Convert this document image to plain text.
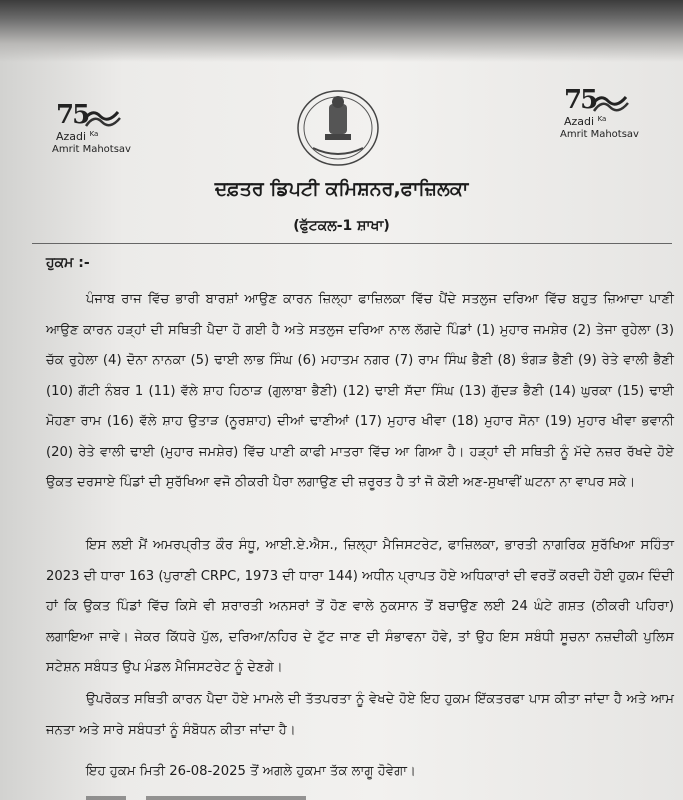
75
Azadi $^{Ka}$
Amrit Mahotsav
75
Azadi $^{Ka}$
Amrit Mahotsav
ਦਫ਼ਤਰ ਡਿਪਟੀ ਕਮਿਸ਼ਨਰ,ਫਾਜ਼ਿਲਕਾ
(ਫੁੱਟਕਲ-1 ਸ਼ਾਖਾ)
ਹੁਕਮ :-
ਪੰਜਾਬ ਰਾਜ ਵਿੱਚ ਭਾਰੀ ਬਾਰਸ਼ਾਂ ਆਉਣ ਕਾਰਨ ਜ਼ਿਲ੍ਹਾ ਫਾਜ਼ਿਲਕਾ ਵਿੱਚ ਪੈਂਦੇ ਸਤਲੁਜ ਦਰਿਆ ਵਿੱਚ ਬਹੁਤ ਜ਼ਿਆਦਾ ਪਾਣੀ ਆਉਣ ਕਾਰਨ ਹੜ੍ਹਾਂ ਦੀ ਸਥਿਤੀ ਪੈਦਾ ਹੋ ਗਈ ਹੈ ਅਤੇ ਸਤਲੁਜ ਦਰਿਆ ਨਾਲ ਲੱਗਦੇ ਪਿੰਡਾਂ (1) ਮੁਹਾਰ ਜਮਸ਼ੇਰ (2) ਤੇਜਾ ਰੁਹੇਲਾ (3) ਚੱਕ ਰੁਹੇਲਾ (4) ਦੋਨਾ ਨਾਨਕਾ (5) ਢਾਈ ਲਾਭ ਸਿੰਘ (6) ਮਹਾਤਮ ਨਗਰ (7) ਰਾਮ ਸਿੰਘ ਭੈਣੀ (8) ਝੰਗੜ ਭੈਣੀ (9) ਰੇਤੇ ਵਾਲੀ ਭੈਣੀ (10) ਗੱਟੀ ਨੰਬਰ 1 (11) ਵੱਲੇ ਸ਼ਾਹ ਹਿਠਾੜ (ਗੁਲਾਬਾ ਭੈਣੀ) (12) ਢਾਈ ਸੱਦਾ ਸਿੰਘ (13) ਗੁੱਦੜ ਭੈਣੀ (14) ਘੁਰਕਾ (15) ਢਾਈ ਮੋਹਣਾ ਰਾਮ (16) ਵੱਲੇ ਸ਼ਾਹ ਉਤਾੜ (ਨੂਰਸ਼ਾਹ) ਦੀਆਂ ਢਾਣੀਆਂ (17) ਮੁਹਾਰ ਖੀਵਾ (18) ਮੁਹਾਰ ਸੋਨਾ (19) ਮੁਹਾਰ ਖੀਵਾ ਭਵਾਨੀ (20) ਰੇਤੇ ਵਾਲੀ ਢਾਈ (ਮੁਹਾਰ ਜਮਸ਼ੇਰ) ਵਿੱਚ ਪਾਣੀ ਕਾਫੀ ਮਾਤਰਾ ਵਿੱਚ ਆ ਗਿਆ ਹੈ। ਹੜ੍ਹਾਂ ਦੀ ਸਥਿਤੀ ਨੂੰ ਮੱਦੇ ਨਜ਼ਰ ਰੱਖਦੇ ਹੋਏ ਉਕਤ ਦਰਸਾਏ ਪਿੰਡਾਂ ਦੀ ਸੁਰੱਖਿਆ ਵਜੋ ਠੀਕਰੀ ਪੈਰਾ ਲਗਾਉਣ ਦੀ ਜ਼ਰੂਰਤ ਹੈ ਤਾਂ ਜੋ ਕੋਈ ਅਣ-ਸੁਖਾਵੀਂ ਘਟਨਾ ਨਾ ਵਾਪਰ ਸਕੇ।
ਇਸ ਲਈ ਮੈਂ ਅਮਰਪ੍ਰੀਤ ਕੌਰ ਸੰਧੂ, ਆਈ.ਏ.ਐਸ., ਜ਼ਿਲ੍ਹਾ ਮੈਜਿਸਟਰੇਟ, ਫਾਜ਼ਿਲਕਾ, ਭਾਰਤੀ ਨਾਗਰਿਕ ਸੁਰੱਖਿਆ ਸਹਿੰਤਾ 2023 ਦੀ ਧਾਰਾ 163 (ਪੁਰਾਣੀ CRPC, 1973 ਦੀ ਧਾਰਾ 144) ਅਧੀਨ ਪ੍ਰਾਪਤ ਹੋਏ ਅਧਿਕਾਰਾਂ ਦੀ ਵਰਤੋਂ ਕਰਦੀ ਹੋਈ ਹੁਕਮ ਦਿੰਦੀ ਹਾਂ ਕਿ ਉਕਤ ਪਿੰਡਾਂ ਵਿੱਚ ਕਿਸੇ ਵੀ ਸ਼ਰਾਰਤੀ ਅਨਸਰਾਂ ਤੋਂ ਹੋਣ ਵਾਲੇ ਨੁਕਸਾਨ ਤੋਂ ਬਚਾਉਣ ਲਈ 24 ਘੰਟੇ ਗਸ਼ਤ (ਠੀਕਰੀ ਪਹਿਰਾ) ਲਗਾਇਆ ਜਾਵੇ। ਜੇਕਰ ਕਿੱਧਰੇ ਪੁੱਲ, ਦਰਿਆ/ਨਹਿਰ ਦੇ ਟੁੱਟ ਜਾਣ ਦੀ ਸੰਭਾਵਨਾ ਹੋਵੇ, ਤਾਂ ਉਹ ਇਸ ਸਬੰਧੀ ਸੂਚਨਾ ਨਜ਼ਦੀਕੀ ਪੁਲਿਸ ਸਟੇਸ਼ਨ ਸਬੰਧਤ ਉਪ ਮੰਡਲ ਮੈਜਿਸਟਰੇਟ ਨੂੰ ਦੇਣਗੇ।
ਉਪਰੋਕਤ ਸਥਿਤੀ ਕਾਰਨ ਪੈਦਾ ਹੋਏ ਮਾਮਲੇ ਦੀ ਤੱਤਪਰਤਾ ਨੂੰ ਵੇਖਦੇ ਹੋਏ ਇਹ ਹੁਕਮ ਇੱਕਤਰਫਾ ਪਾਸ ਕੀਤਾ ਜਾਂਦਾ ਹੈ ਅਤੇ ਆਮ ਜਨਤਾ ਅਤੇ ਸਾਰੇ ਸਬੰਧਤਾਂ ਨੂੰ ਸੰਬੋਧਨ ਕੀਤਾ ਜਾਂਦਾ ਹੈ।
ਇਹ ਹੁਕਮ ਮਿਤੀ 26-08-2025 ਤੋਂ ਅਗਲੇ ਹੁਕਮਾ ਤੱਕ ਲਾਗੂ ਹੋਵੇਗਾ।
